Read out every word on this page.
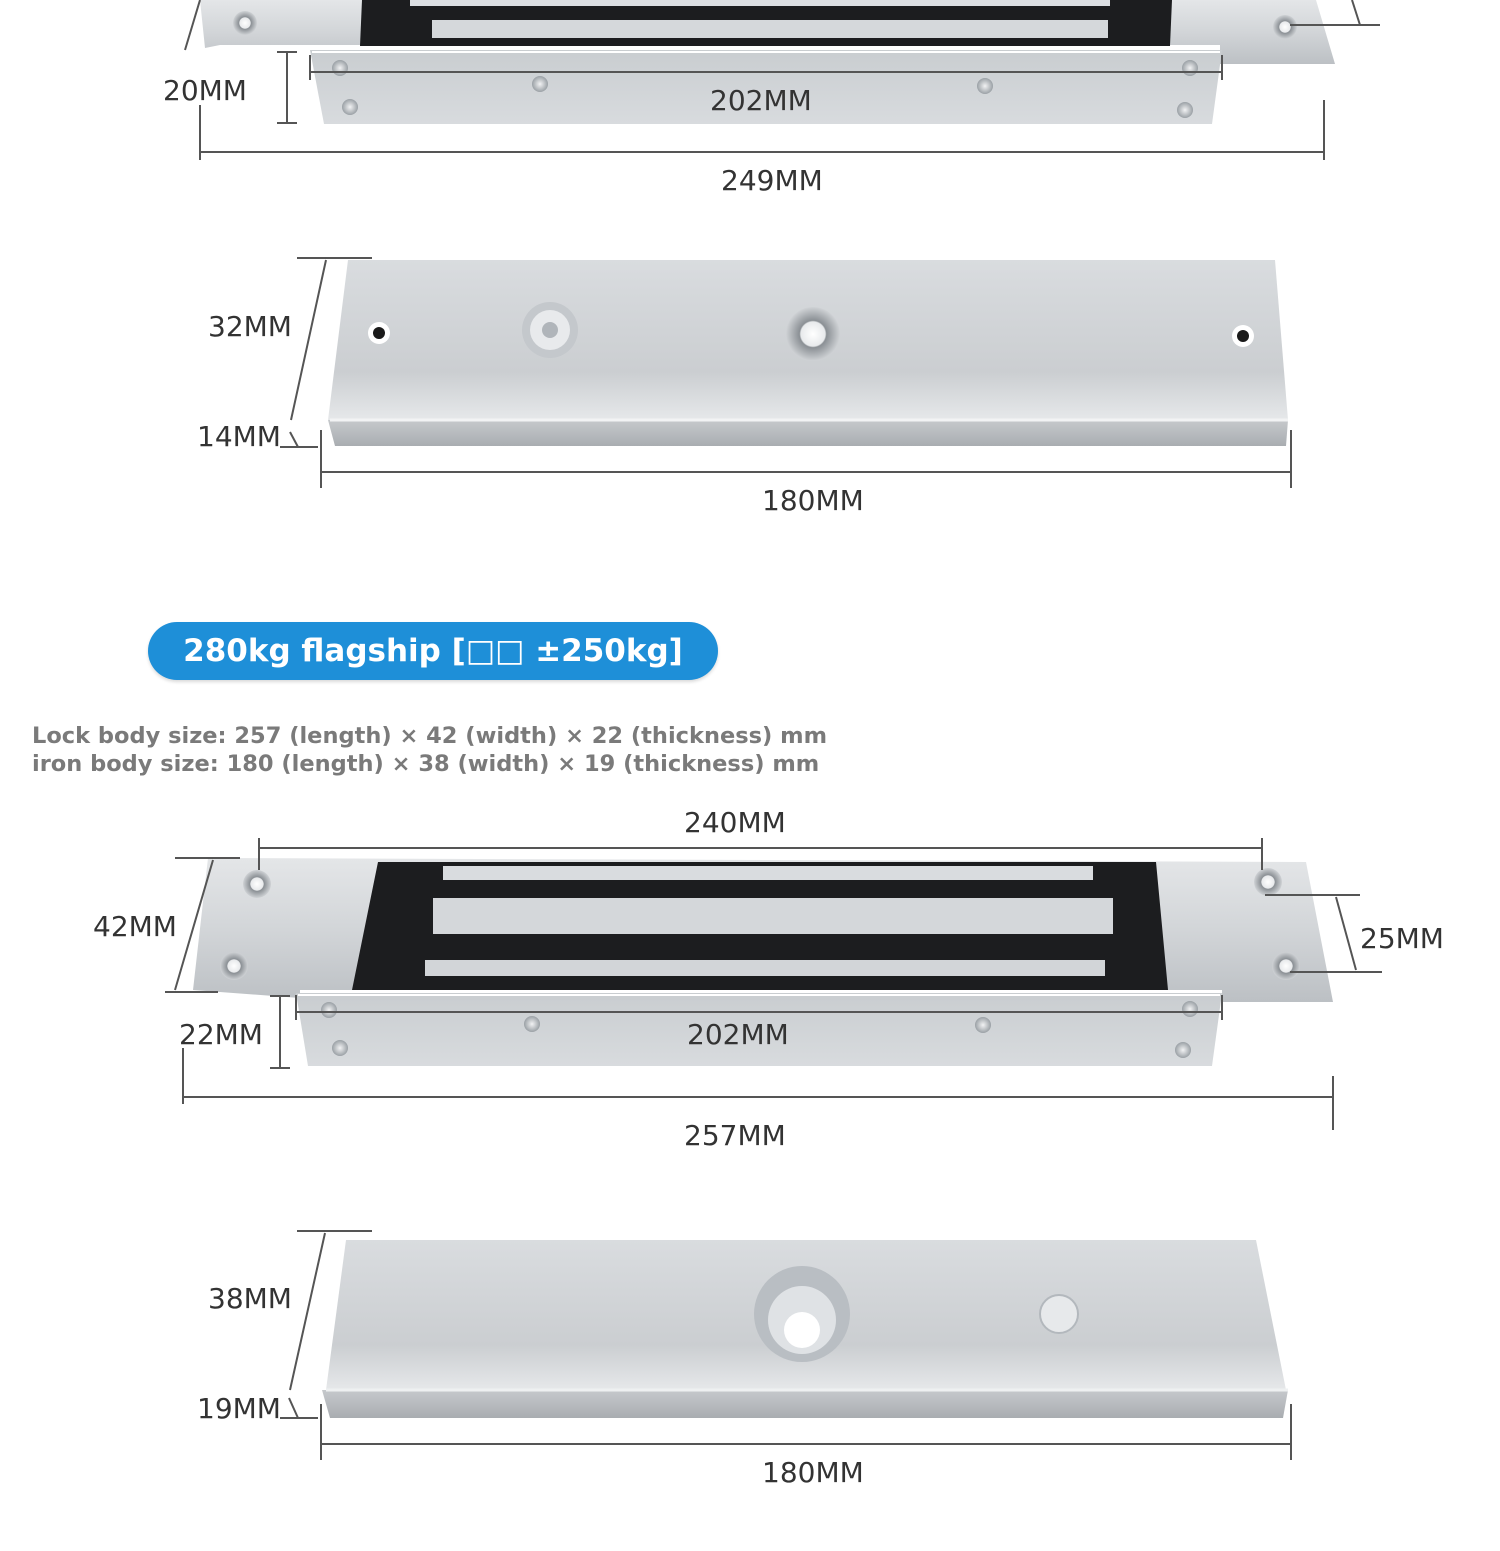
20MM	202MM
249MM
32MM
14MM
180MM
280kg flagship [□□ ±250kg]
Lock body size: 257 (length) × 42 (width) × 22 (thickness) mm
iron body size: 180 (length) × 38 (width) × 19 (thickness) mm
240MM
42MM	25MM
22MM	202MM
257MM
38MM
19MM
180MM
